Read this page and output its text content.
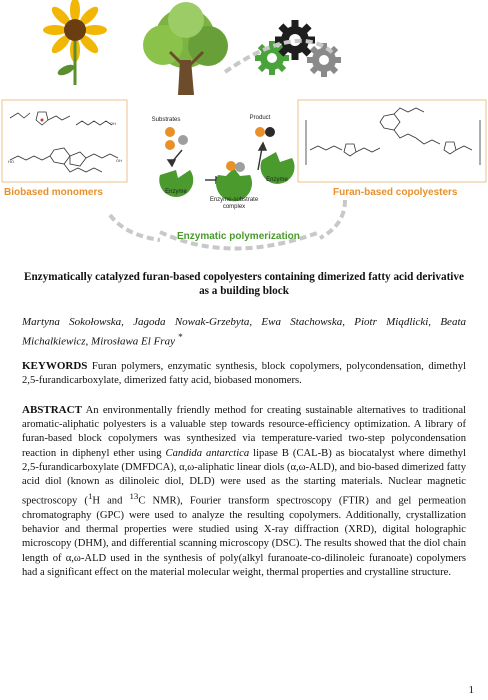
HO	OH
OH
Biobased monomers	Furan-based copolyesters
Enzymatic polymerization
Substrates	Product
Enzyme
Enzyme
Enzyme-substrate complex
Enzymatically catalyzed furan-based copolyesters containing dimerized fatty acid derivative as a building block
Martyna Sokołowska, Jagoda Nowak-Grzebyta, Ewa Stachowska, Piotr Miądlicki, Beata Michalkiewicz, Mirosława El Fray *
KEYWORDS Furan polymers, enzymatic synthesis, block copolymers, polycondensation, dimethyl 2,5-furandicarboxylate, dimerized fatty acid, biobased monomers.
ABSTRACT An environmentally friendly method for creating sustainable alternatives to traditional aromatic-aliphatic polyesters is a valuable step towards resource-efficiency optimization. A library of furan-based block copolymers was synthesized via temperature-varied two-step polycondensation reaction in diphenyl ether using Candida antarctica lipase B (CAL-B) as biocatalyst where dimethyl 2,5-furandicarboxylate (DMFDCA), α,ω-aliphatic linear diols (α,ω-ALD), and bio-based dimerized fatty acid diol (known as dilinoleic diol, DLD) were used as the starting materials. Nuclear magnetic spectroscopy ($^1$H and $^{13}$C NMR), Fourier transform spectroscopy (FTIR) and gel permeation chromatography (GPC) were used to analyze the resulting copolymers. Additionally, crystallization behavior and thermal properties were studied using X-ray diffraction (XRD), digital holographic microscopy (DHM), and differential scanning microscopy (DSC). The results showed that the diol chain length of α,ω-ALD used in the synthesis of poly(alkyl furanoate-co-dilinoleic furanoate) copolymers had a significant effect on the material molecular weight, thermal properties and crystalline structure.
1
